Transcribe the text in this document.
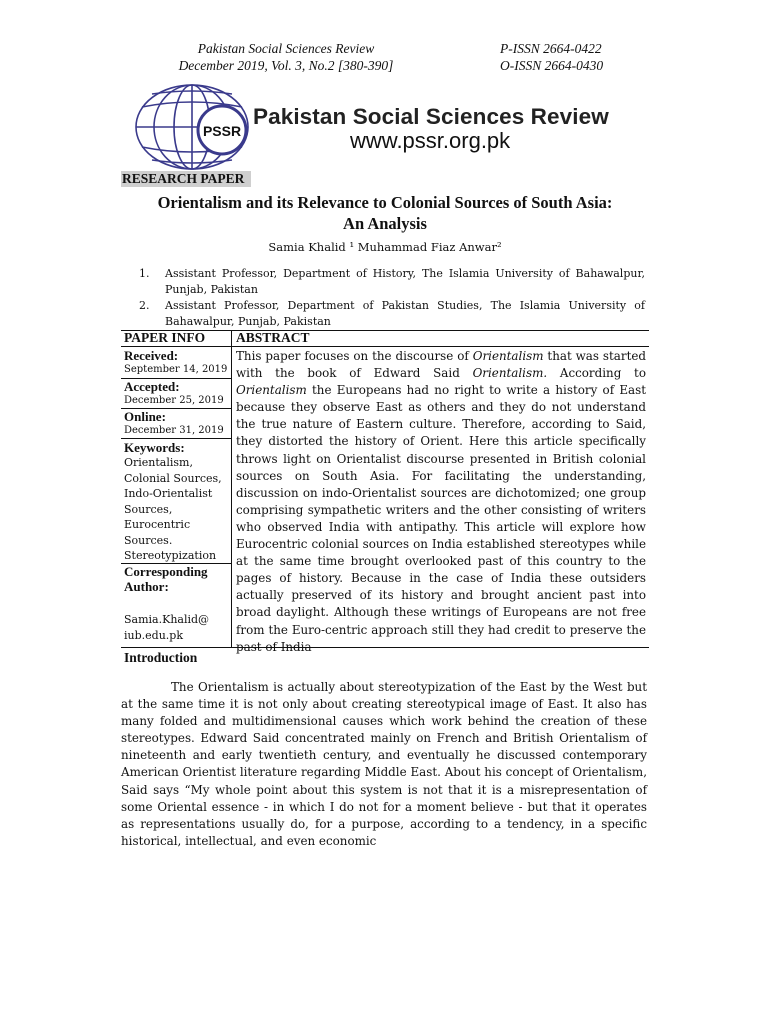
Pakistan Social Sciences Review
December 2019, Vol. 3, No.2 [380-390]
P-ISSN 2664-0422
O-ISSN 2664-0430
PSSR
Pakistan Social Sciences Review
www.pssr.org.pk
RESEARCH PAPER
Orientalism and its Relevance to Colonial Sources of South Asia:
An Analysis
Samia Khalid ¹ Muhammad Fiaz Anwar²
1. Assistant Professor, Department of History, The Islamia University of Bahawalpur, Punjab, Pakistan
2. Assistant Professor, Department of Pakistan Studies, The Islamia University of Bahawalpur, Punjab, Pakistan
PAPER INFO ABSTRACT
Received:
September 14, 2019
Accepted:
December 25, 2019
Online:
December 31, 2019
Keywords:
Orientalism,
Colonial Sources,
Indo-Orientalist
Sources,
Eurocentric
Sources.
Stereotypization
Corresponding
Author:
Samia.Khalid@
iub.edu.pk

This paper focuses on the discourse of Orientalism that was started with the book of Edward Said Orientalism. According to Orientalism the Europeans had no right to write a history of East because they observe East as others and they do not understand the true nature of Eastern culture. Therefore, according to Said, they distorted the history of Orient. Here this article specifically throws light on Orientalist discourse presented in British colonial sources on South Asia. For facilitating the understanding, discussion on indo-Orientalist sources are dichotomized; one group comprising sympathetic writers and the other consisting of writers who observed India with antipathy. This article will explore how Eurocentric colonial sources on India established stereotypes while at the same time brought overlooked past of this country to the pages of history. Because in the case of India these outsiders actually preserved of its history and brought ancient past into broad daylight. Although these writings of Europeans are not free from the Euro-centric approach still they had credit to preserve the past of India

Introduction

The Orientalism is actually about stereotypization of the East by the West but at the same time it is not only about creating stereotypical image of East. It also has many folded and multidimensional causes which work behind the creation of these stereotypes. Edward Said concentrated mainly on French and British Orientalism of nineteenth and early twentieth century, and eventually he discussed contemporary American Orientist literature regarding Middle East. About his concept of Orientalism, Said says “My whole point about this system is not that it is a misrepresentation of some Oriental essence - in which I do not for a moment believe - but that it operates as representations usually do, for a purpose, according to a tendency, in a specific historical, intellectual, and even economic
